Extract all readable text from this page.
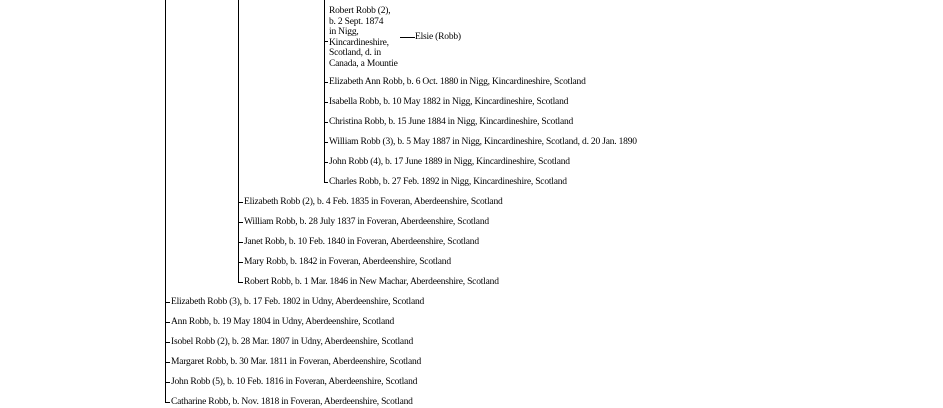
Robert Robb (2),
b. 2 Sept. 1874
in Nigg,
Kincardineshire,
Scotland, d. in
Canada, a Mountie
Elsie (Robb)
Elizabeth Ann Robb, b. 6 Oct. 1880 in Nigg, Kincardineshire, Scotland
Isabella Robb, b. 10 May 1882 in Nigg, Kincardineshire, Scotland
Christina Robb, b. 15 June 1884 in Nigg, Kincardineshire, Scotland
William Robb (3), b. 5 May 1887 in Nigg, Kincardineshire, Scotland, d. 20 Jan. 1890
John Robb (4), b. 17 June 1889 in Nigg, Kincardineshire, Scotland
Charles Robb, b. 27 Feb. 1892 in Nigg, Kincardineshire, Scotland
Elizabeth Robb (2), b. 4 Feb. 1835 in Foveran, Aberdeenshire, Scotland
William Robb, b. 28 July 1837 in Foveran, Aberdeenshire, Scotland
Janet Robb, b. 10 Feb. 1840 in Foveran, Aberdeenshire, Scotland
Mary Robb, b. 1842 in Foveran, Aberdeenshire, Scotland
Robert Robb, b. 1 Mar. 1846 in New Machar, Aberdeenshire, Scotland
Elizabeth Robb (3), b. 17 Feb. 1802 in Udny, Aberdeenshire, Scotland
Ann Robb, b. 19 May 1804 in Udny, Aberdeenshire, Scotland
Isobel Robb (2), b. 28 Mar. 1807 in Udny, Aberdeenshire, Scotland
Margaret Robb, b. 30 Mar. 1811 in Foveran, Aberdeenshire, Scotland
John Robb (5), b. 10 Feb. 1816 in Foveran, Aberdeenshire, Scotland
Catharine Robb, b. Nov. 1818 in Foveran, Aberdeenshire, Scotland
